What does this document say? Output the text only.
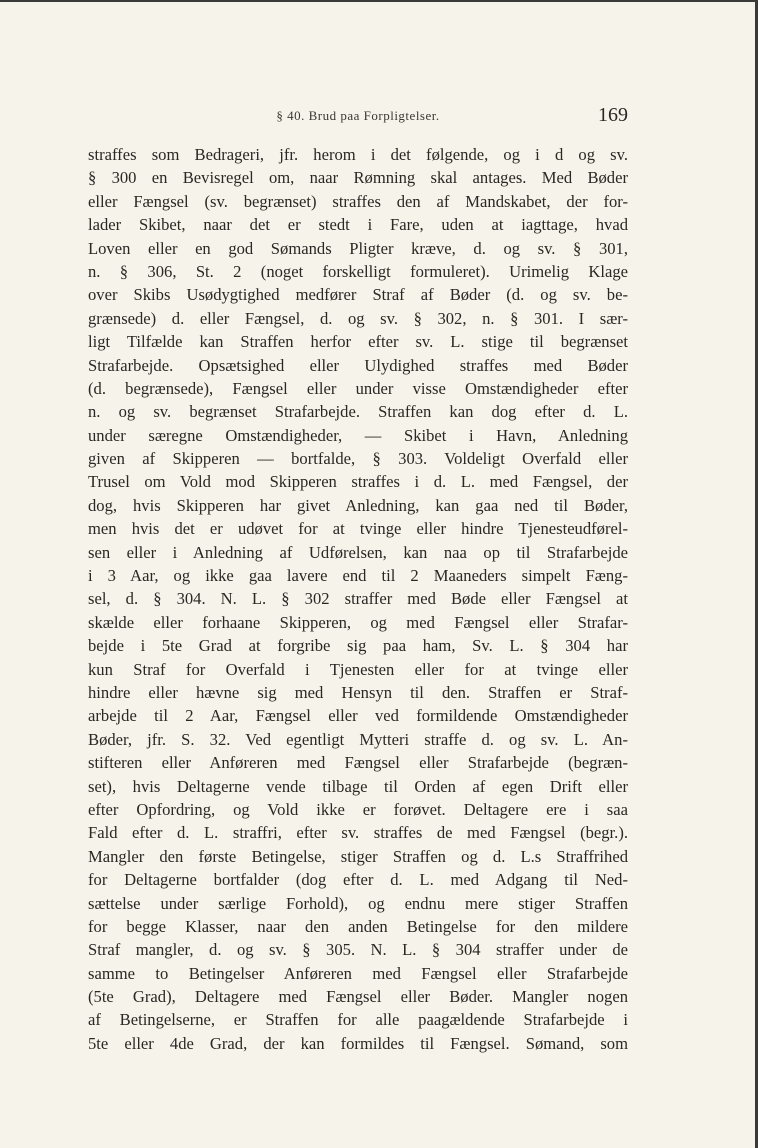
§ 40. Brud paa Forpligtelser.	169
straffes som Bedrageri, jfr. herom i det følgende, og i d og sv.
§ 300 en Bevisregel om, naar Rømning skal antages. Med Bøder
eller Fængsel (sv. begrænset) straffes den af Mandskabet, der for-
lader Skibet, naar det er stedt i Fare, uden at iagttage, hvad
Loven eller en god Sømands Pligter kræve, d. og sv. § 301,
n. § 306, St. 2 (noget forskelligt formuleret). Urimelig Klage
over Skibs Usødygtighed medfører Straf af Bøder (d. og sv. be-
grænsede) d. eller Fængsel, d. og sv. § 302, n. § 301. I sær-
ligt Tilfælde kan Straffen herfor efter sv. L. stige til begrænset
Strafarbejde. Opsætsighed eller Ulydighed straffes med Bøder
(d. begrænsede), Fængsel eller under visse Omstændigheder efter
n. og sv. begrænset Strafarbejde. Straffen kan dog efter d. L.
under særegne Omstændigheder, — Skibet i Havn, Anledning
given af Skipperen — bortfalde, § 303. Voldeligt Overfald eller
Trusel om Vold mod Skipperen straffes i d. L. med Fængsel, der
dog, hvis Skipperen har givet Anledning, kan gaa ned til Bøder,
men hvis det er udøvet for at tvinge eller hindre Tjenesteudførel-
sen eller i Anledning af Udførelsen, kan naa op til Strafarbejde
i 3 Aar, og ikke gaa lavere end til 2 Maaneders simpelt Fæng-
sel, d. § 304. N. L. § 302 straffer med Bøde eller Fængsel at
skælde eller forhaane Skipperen, og med Fængsel eller Strafar-
bejde i 5te Grad at forgribe sig paa ham, Sv. L. § 304 har
kun Straf for Overfald i Tjenesten eller for at tvinge eller
hindre eller hævne sig med Hensyn til den. Straffen er Straf-
arbejde til 2 Aar, Fængsel eller ved formildende Omstændigheder
Bøder, jfr. S. 32. Ved egentligt Mytteri straffe d. og sv. L. An-
stifteren eller Anføreren med Fængsel eller Strafarbejde (begræn-
set), hvis Deltagerne vende tilbage til Orden af egen Drift eller
efter Opfordring, og Vold ikke er forøvet. Deltagere ere i saa
Fald efter d. L. straffri, efter sv. straffes de med Fængsel (begr.).
Mangler den første Betingelse, stiger Straffen og d. L.s Straffrihed
for Deltagerne bortfalder (dog efter d. L. med Adgang til Ned-
sættelse under særlige Forhold), og endnu mere stiger Straffen
for begge Klasser, naar den anden Betingelse for den mildere
Straf mangler, d. og sv. § 305. N. L. § 304 straffer under de
samme to Betingelser Anføreren med Fængsel eller Strafarbejde
(5te Grad), Deltagere med Fængsel eller Bøder. Mangler nogen
af Betingelserne, er Straffen for alle paagældende Strafarbejde i
5te eller 4de Grad, der kan formildes til Fængsel. Sømand, som
